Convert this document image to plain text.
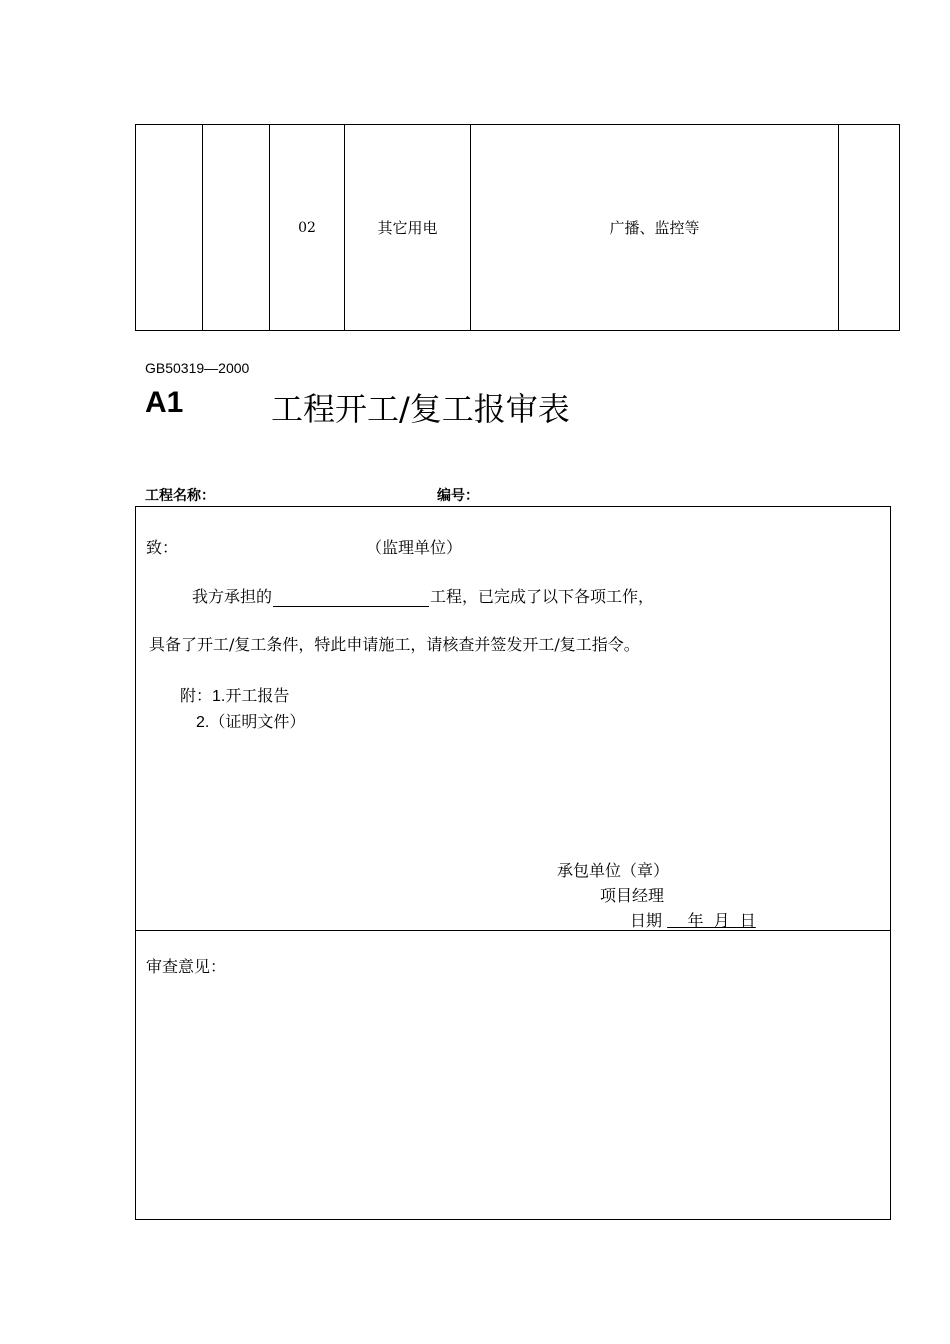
		02	其它用电	广播、监控等	
GB50319—2000
A1	工程开工/复工报审表
工程名称：	编号：
致：	（监理单位）
我方承担的	工程，已完成了以下各项工作，
具备了开工/复工条件，特此申请施工，请核查并签发开工/复工指令。
附：1.开工报告
2.（证明文件）
承包单位（章）
项目经理
日期     年  月  日
审查意见：
